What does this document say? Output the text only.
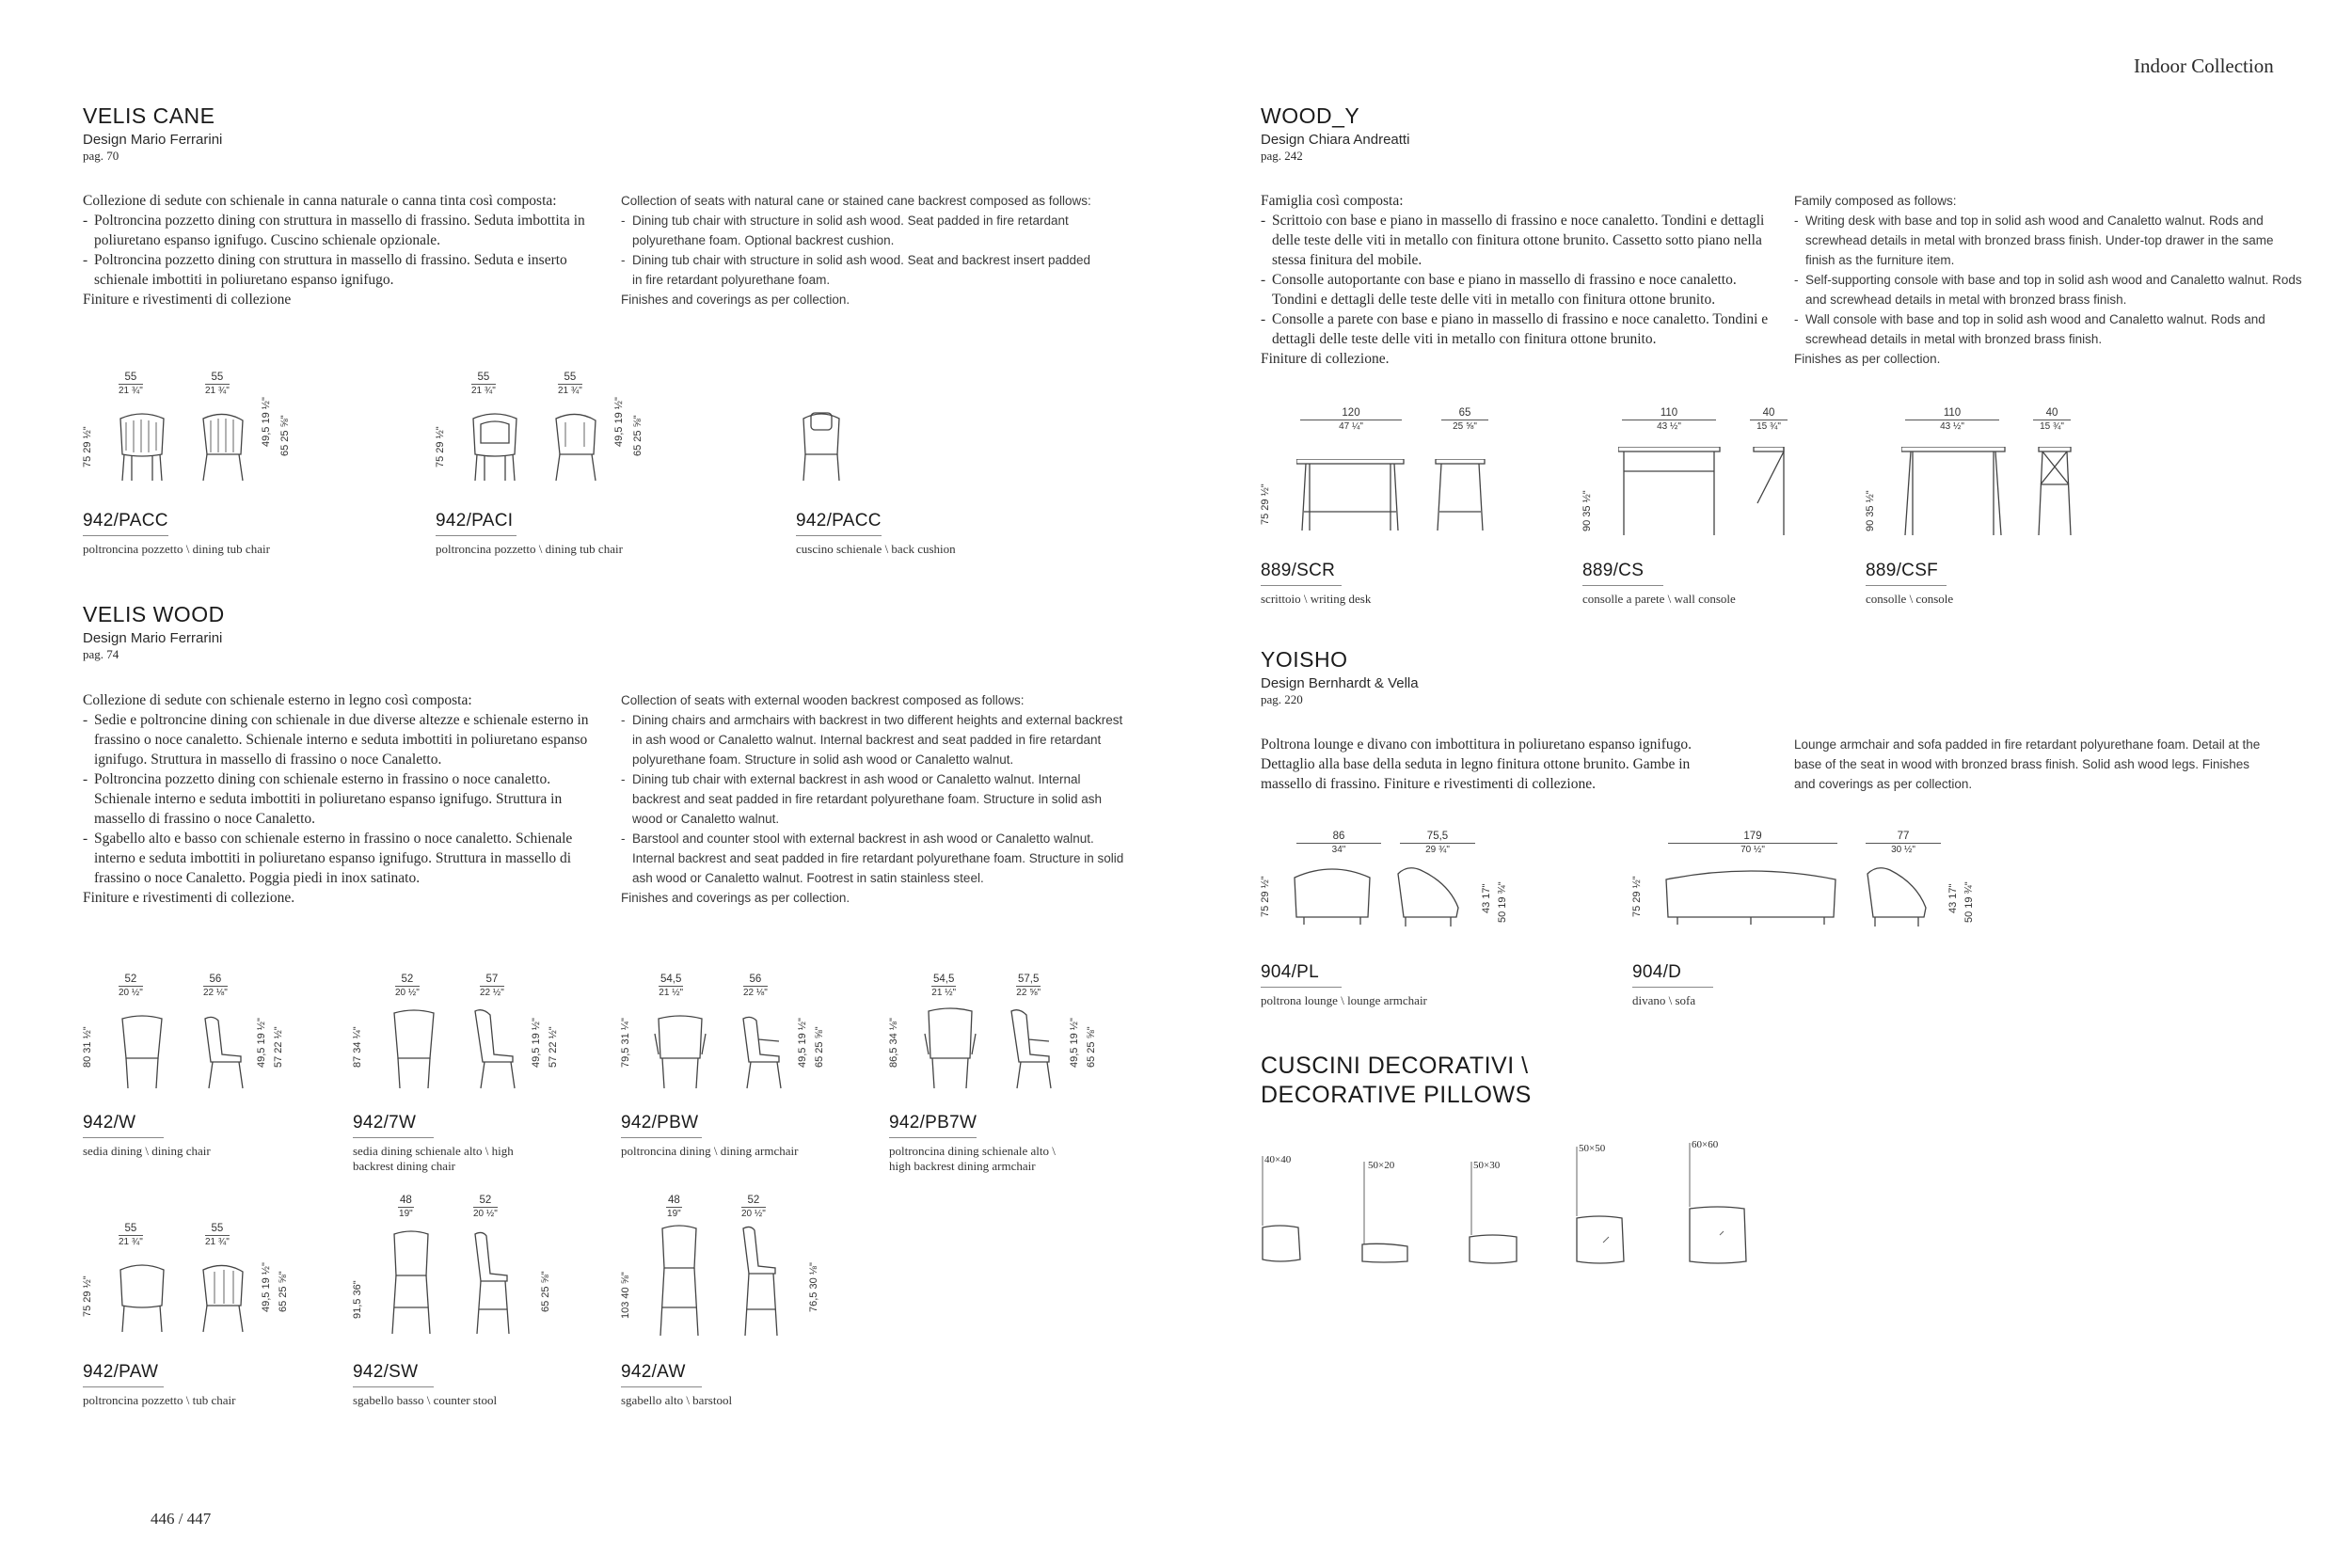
Indoor Collection
446 / 447
VELIS CANE
Design Mario Ferrarini
pag. 70

Collezione di sedute con schienale in canna naturale o canna tinta così composta:

- Poltroncina pozzetto dining con struttura in massello di frassino. Seduta imbottita in poliuretano espanso ignifugo. Cuscino schienale opzionale.
- Poltroncina pozzetto dining con struttura in massello di frassino. Seduta e inserto schienale imbottiti in poliuretano espanso ignifugo.

Finiture e rivestimenti di collezione

Collection of seats with natural cane or stained cane backrest composed as follows:

- Dining tub chair with structure in solid ash wood. Seat padded in fire retardant polyurethane foam. Optional backrest cushion.
- Dining tub chair with structure in solid ash wood. Seat and backrest insert padded in fire retardant polyurethane foam.

Finishes and coverings as per collection.

55
21 ¾"
55
21 ¾"
75 29 ½"	49,5 19 ½"
65 25 ⅝"
942/PACC
poltroncina pozzetto \ dining tub chair
55
21 ¾"
55
21 ¾"
75 29 ½"	49,5 19 ½"
65 25 ⅝"
942/PACI
poltroncina pozzetto \ dining tub chair
942/PACC
cuscino schienale \ back cushion
VELIS WOOD
Design Mario Ferrarini
pag. 74

Collezione di sedute con schienale esterno in legno così composta:

- Sedie e poltroncine dining con schienale in due diverse altezze e schienale esterno in frassino o noce canaletto. Schienale interno e seduta imbottiti in poliuretano espanso ignifugo. Struttura in massello di frassino o noce Canaletto.
- Poltroncina pozzetto dining con schienale esterno in frassino o noce canaletto. Schienale interno e seduta imbottiti in poliuretano espanso ignifugo. Struttura in massello di frassino o noce Canaletto.
- Sgabello alto e basso con schienale esterno in frassino o noce canaletto. Schienale interno e seduta imbottiti in poliuretano espanso ignifugo. Struttura in massello di frassino o noce Canaletto. Poggia piedi in inox satinato.

Finiture e rivestimenti di collezione.

Collection of seats with external wooden backrest composed as follows:

- Dining chairs and armchairs with backrest in two different heights and external backrest in ash wood or Canaletto walnut. Internal backrest and seat padded in fire retardant polyurethane foam. Structure in solid ash wood or Canaletto walnut.
- Dining tub chair with external backrest in ash wood or Canaletto walnut. Internal backrest and seat padded in fire retardant polyurethane foam. Structure in solid ash wood or Canaletto walnut.
- Barstool and counter stool with external backrest in ash wood or Canaletto walnut. Internal backrest and seat padded in fire retardant polyurethane foam. Structure in solid ash wood or Canaletto walnut. Footrest in satin stainless steel.

Finishes and coverings as per collection.

52
20 ½"
56
22 ⅛"
80 31 ½"
49,5 19 ½"
57 22 ½"
942/W
sedia dining \ dining chair
52
20 ½"
57
22 ½"
87 34 ¼"
49,5 19 ½"
57 22 ½"
942/7W
sedia dining schienale alto \ high backrest dining chair
54,5
21 ½"
56
22 ⅛"
79,5 31 ¼"
49,5 19 ½"
65 25 ⅝"
942/PBW
poltroncina dining \ dining armchair
54,5
21 ½"
57,5
22 ⅝"
86,5 34 ⅛"
49,5 19 ½"
65 25 ⅝"
942/PB7W
poltroncina dining schienale alto \ high backrest dining armchair
55
21 ¾"
55
21 ¾"
75 29 ½"	49,5 19 ½"
65 25 ⅝"
942/PAW
poltroncina pozzetto \ tub chair
48
19"
52
20 ½"
91,5 36"
65 25 ⅝"
942/SW
sgabello basso \ counter stool
48
19"
52
20 ½"
103 40 ⅝"
76,5 30 ⅛"
942/AW
sgabello alto \ barstool
WOOD_Y
Design Chiara Andreatti
pag. 242

Famiglia così composta:

- Scrittoio con base e piano in massello di frassino e noce canaletto. Tondini e dettagli delle teste delle viti in metallo con finitura ottone brunito. Cassetto sotto piano nella stessa finitura del mobile.
- Consolle autoportante con base e piano in massello di frassino e noce canaletto. Tondini e dettagli delle teste delle viti in metallo con finitura ottone brunito.
- Consolle a parete con base e piano in massello di frassino e noce canaletto. Tondini e dettagli delle teste delle viti in metallo con finitura ottone brunito.

Finiture di collezione.

Family composed as follows:

- Writing desk with base and top in solid ash wood and Canaletto walnut. Rods and screwhead details in metal with bronzed brass finish. Under-top drawer in the same finish as the furniture item.
- Self-supporting console with base and top in solid ash wood and Canaletto walnut. Rods and screwhead details in metal with bronzed brass finish.
- Wall console with base and top in solid ash wood and Canaletto walnut. Rods and screwhead details in metal with bronzed brass finish.

Finishes as per collection.

120
47 ¼"
65
25 ⅝"
75 29 ½"
889/SCR
scrittoio \ writing desk
110
43 ½"
40
15 ¾"
90 35 ½"
889/CS
consolle a parete \ wall console
110
43 ½"
40
15 ¾"
90 35 ½"
889/CSF
consolle \ console
YOISHO
Design Bernhardt & Vella
pag. 220
Poltrona lounge e divano con imbottitura in poliuretano espanso ignifugo. Dettaglio alla base della seduta in legno finitura ottone brunito. Gambe in massello di frassino. Finiture e rivestimenti di collezione.
Lounge armchair and sofa padded in fire retardant polyurethane foam. Detail at the base of the seat in wood with bronzed brass finish. Solid ash wood legs. Finishes and coverings as per collection.
86
34"
75,5
29 ¾"
75 29 ½"
43 17"
50 19 ¾"
904/PL
poltrona lounge \ lounge armchair
179
70 ½"
77
30 ½"
75 29 ½"
43 17"
50 19 ¾"
904/D
divano \ sofa
CUSCINI DECORATIVI \
DECORATIVE PILLOWS
40×40	50×20	50×30
50×50	60×60
